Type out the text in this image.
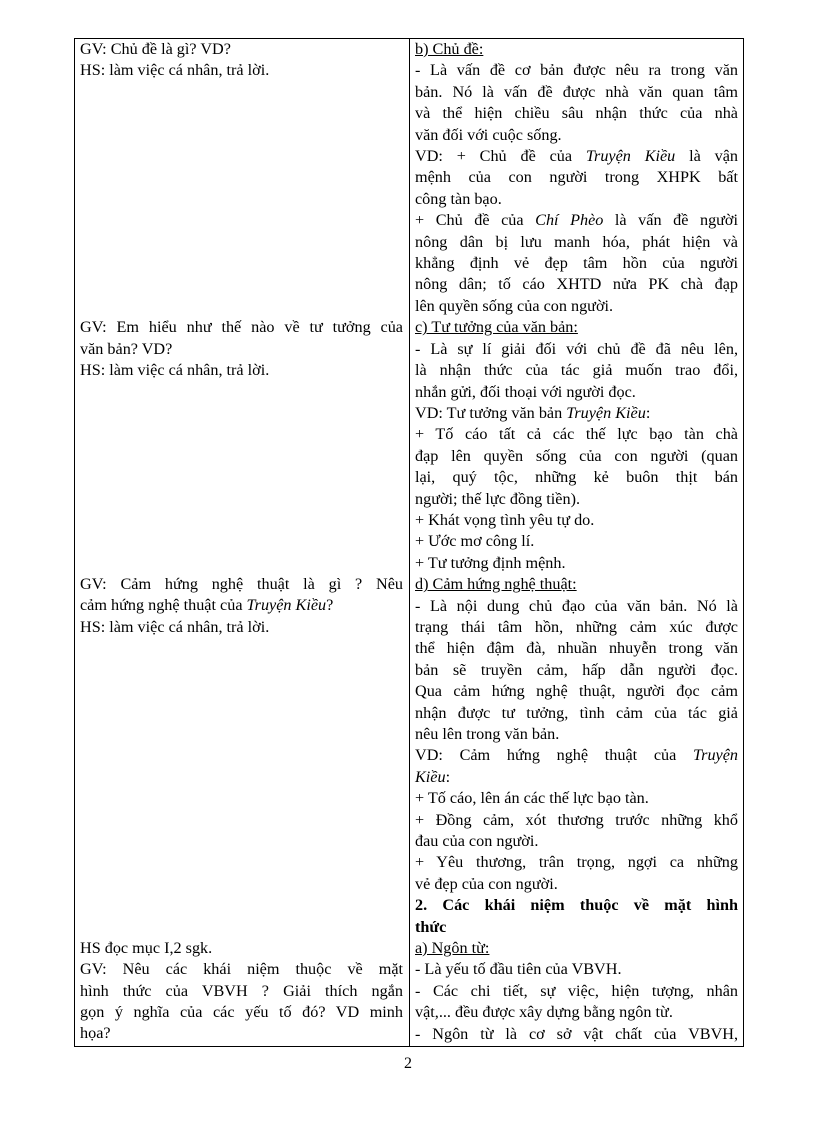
GV: Chủ đề là gì? VD?
HS: làm việc cá nhân, trả lời.
GV: Em hiểu như thế nào về tư tưởng của
văn bản? VD?
HS: làm việc cá nhân, trả lời.
GV: Cảm hứng nghệ thuật là gì ? Nêu
cảm hứng nghệ thuật của Truyện Kiều?
HS: làm việc cá nhân, trả lời.
HS đọc mục I,2 sgk.
GV: Nêu các khái niệm thuộc về mặt
hình thức của VBVH ? Giải thích ngắn
gọn ý nghĩa của các yếu tố đó? VD minh
họa?
b) Chủ đề:
- Là vấn đề cơ bản được nêu ra trong văn
bản. Nó là vấn đề được nhà văn quan tâm
và thể hiện chiều sâu nhận thức của nhà
văn đối với cuộc sống.
VD: + Chủ đề của Truyện Kiều là vận
mệnh của con người trong XHPK bất
công tàn bạo.
+ Chủ đề của Chí Phèo là vấn đề người
nông dân bị lưu manh hóa, phát hiện và
khẳng định vẻ đẹp tâm hồn của người
nông dân; tố cáo XHTD nửa PK chà đạp
lên quyền sống của con người.
c) Tư tưởng của văn bản:
- Là sự lí giải đối với chủ đề đã nêu lên,
là nhận thức của tác giả muốn trao đổi,
nhắn gửi, đối thoại với người đọc.
VD: Tư tưởng văn bản Truyện Kiều:
+ Tố cáo tất cả các thế lực bạo tàn chà
đạp lên quyền sống của con người (quan
lại, quý tộc, những kẻ buôn thịt bán
người; thế lực đồng tiền).
+ Khát vọng tình yêu tự do.
+ Ước mơ công lí.
+ Tư tưởng định mệnh.
d) Cảm hứng nghệ thuật:
- Là nội dung chủ đạo của văn bản. Nó là
trạng thái tâm hồn, những cảm xúc được
thể hiện đậm đà, nhuần nhuyễn trong văn
bản sẽ truyền cảm, hấp dẫn người đọc.
Qua cảm hứng nghệ thuật, người đọc cảm
nhận được tư tưởng, tình cảm của tác giả
nêu lên trong văn bản.
VD: Cảm hứng nghệ thuật của Truyện
Kiều:
+ Tố cáo, lên án các thế lực bạo tàn.
+ Đồng cảm, xót thương trước những khổ
đau của con người.
+ Yêu thương, trân trọng, ngợi ca những
vẻ đẹp của con người.
2. Các khái niệm thuộc về mặt hình
thức
a) Ngôn từ:
- Là yếu tố đầu tiên của VBVH.
- Các chi tiết, sự việc, hiện tượng, nhân
vật,... đều được xây dựng bằng ngôn từ.
- Ngôn từ là cơ sở vật chất của VBVH,
2
